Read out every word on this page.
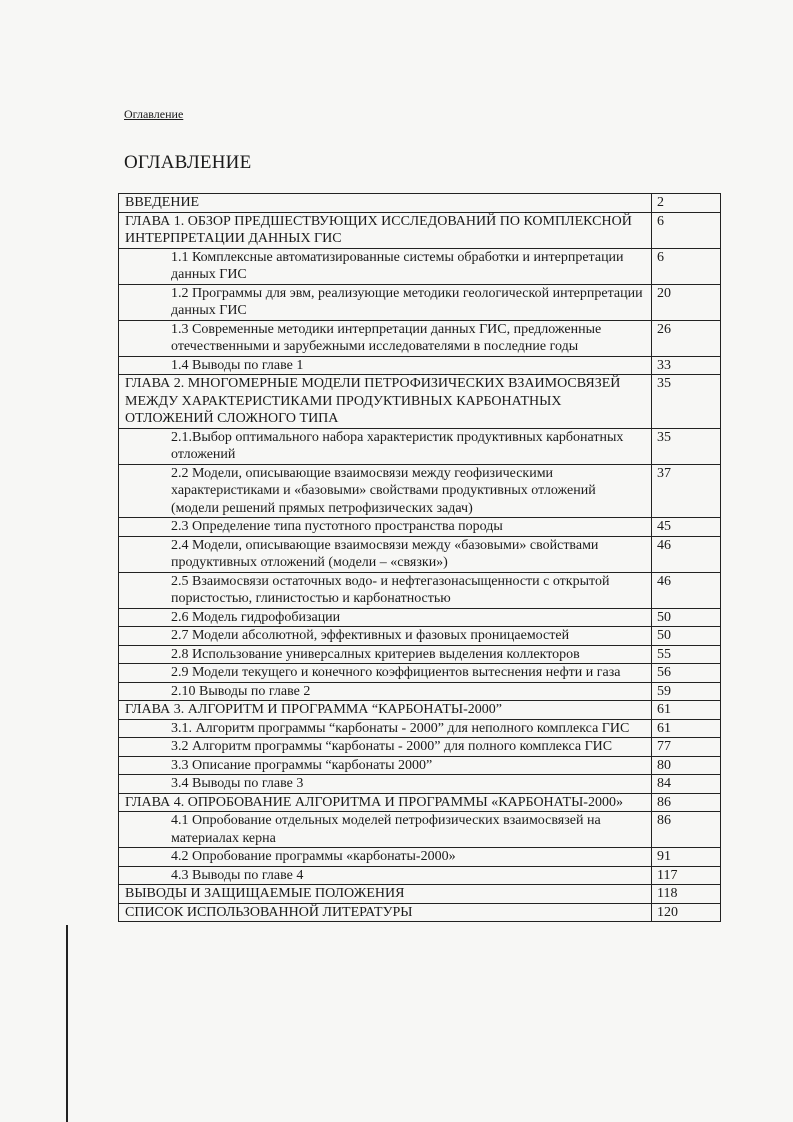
Оглавление
ОГЛАВЛЕНИЕ
ВВЕДЕНИЕ	2
ГЛАВА 1. ОБЗОР ПРЕДШЕСТВУЮЩИХ ИССЛЕДОВАНИЙ ПО КОМПЛЕКСНОЙ ИНТЕРПРЕТАЦИИ ДАННЫХ ГИС	6
1.1 Комплексные автоматизированные системы обработки и интерпретации данных ГИС	6
1.2 Программы для эвм, реализующие методики геологической интерпретации данных ГИС	20
1.3 Современные методики интерпретации данных ГИС, предложенные отечественными и зарубежными исследователями в последние годы	26
1.4 Выводы по главе 1	33
ГЛАВА 2. МНОГОМЕРНЫЕ МОДЕЛИ ПЕТРОФИЗИЧЕСКИХ ВЗАИМОСВЯЗЕЙ МЕЖДУ ХАРАКТЕРИСТИКАМИ ПРОДУКТИВНЫХ КАРБОНАТНЫХ ОТЛОЖЕНИЙ СЛОЖНОГО ТИПА	35
2.1.Выбор оптимального набора характеристик продуктивных карбонатных отложений	35
2.2 Модели, описывающие взаимосвязи между геофизическими характеристиками и «базовыми» свойствами продуктивных отложений (модели решений прямых петрофизических задач)	37
2.3 Определение типа пустотного пространства породы	45
2.4 Модели, описывающие взаимосвязи между «базовыми» свойствами продуктивных отложений (модели – «связки»)	46
2.5 Взаимосвязи остаточных водо- и нефтегазонасыщенности с открытой пористостью, глинистостью и карбонатностью	46
2.6 Модель гидрофобизации	50
2.7 Модели абсолютной, эффективных и фазовых проницаемостей	50
2.8 Использование универсалных критериев выделения коллекторов	55
2.9 Модели текущего и конечного коэффициентов вытеснения нефти и газа	56
2.10 Выводы по главе 2	59
ГЛАВА 3. АЛГОРИТМ И ПРОГРАММА “КАРБОНАТЫ-2000”	61
3.1. Алгоритм программы “карбонаты - 2000” для неполного комплекса ГИС	61
3.2 Алгоритм программы “карбонаты - 2000” для полного комплекса ГИС	77
3.3 Описание программы “карбонаты 2000”	80
3.4 Выводы по главе 3	84
ГЛАВА 4. ОПРОБОВАНИЕ АЛГОРИТМА И ПРОГРАММЫ «КАРБОНАТЫ-2000»	86
4.1 Опробование отдельных моделей петрофизических взаимосвязей на материалах керна	86
4.2 Опробование программы «карбонаты-2000»	91
4.3 Выводы по главе 4	117
ВЫВОДЫ И ЗАЩИЩАЕМЫЕ ПОЛОЖЕНИЯ	118
СПИСОК ИСПОЛЬЗОВАННОЙ ЛИТЕРАТУРЫ	120
